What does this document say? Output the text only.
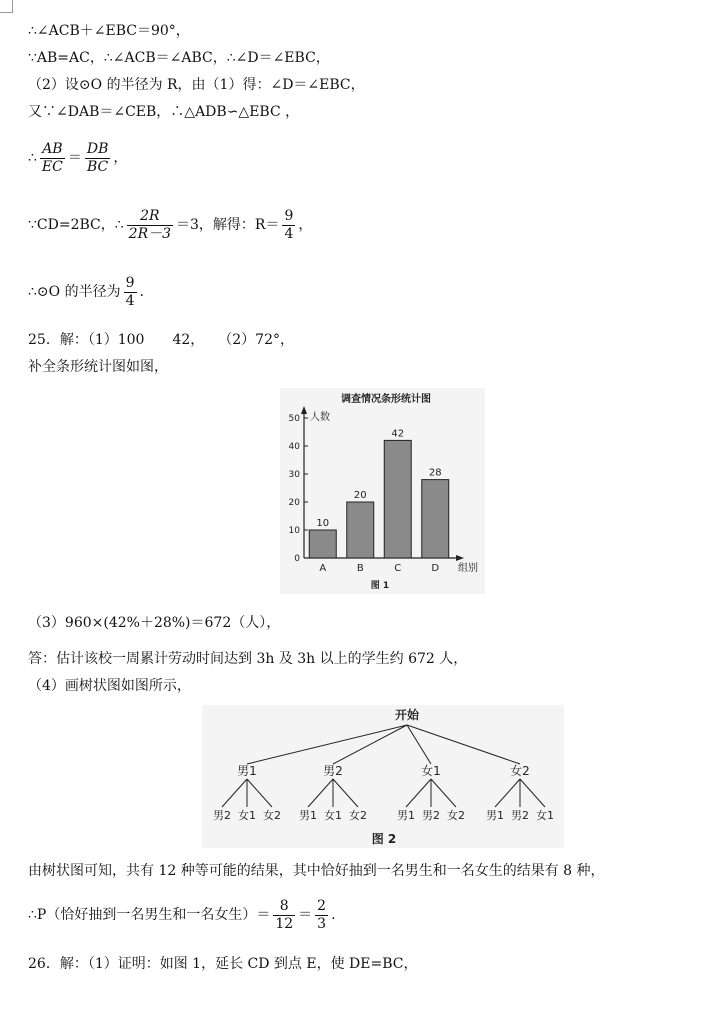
∴∠ACB＋∠EBC＝90°，
∵AB=AC，∴∠ACB＝∠ABC，∴∠D＝∠EBC，
（2）设⊙O 的半径为 R，由（1）得：∠D＝∠EBC，
又∵∠DAB＝∠CEB，∴△ADB∽△EBC ，
∴ $\frac{AB}{EC} = \frac{DB}{BC}$ ，
∵CD=2BC，∴ $\frac{2R}{2R-3} =3$，解得：$R= \frac{9}{4}$ ，
∴⊙O 的半径为 $\frac{9}{4}$ .
25．解：（1）100　　42，　　（2）72°，
补全条形统计图如图，
调查情况条形统计图
人数
组别
图 1
0
10
20
30
40
50
10
A
20
B
42
C
28
D
（3）960×(42%＋28%)＝672（人），
答：估计该校一周累计劳动时间达到 3h 及 3h 以上的学生约 672 人，
（4）画树状图如图所示，
开始
男1
男2 女1 女2
男2
男1 女1 女2
女1
男1 男2 女2
女2
男1 男2 女1
图 2
由树状图可知，共有 12 种等可能的结果，其中恰好抽到一名男生和一名女生的结果有 8 种，
∴P（恰好抽到一名男生和一名女生）＝ $\frac{8}{12} = \frac{2}{3}$ .
26．解：（1）证明：如图 1，延长 CD 到点 E，使 DE=BC，
